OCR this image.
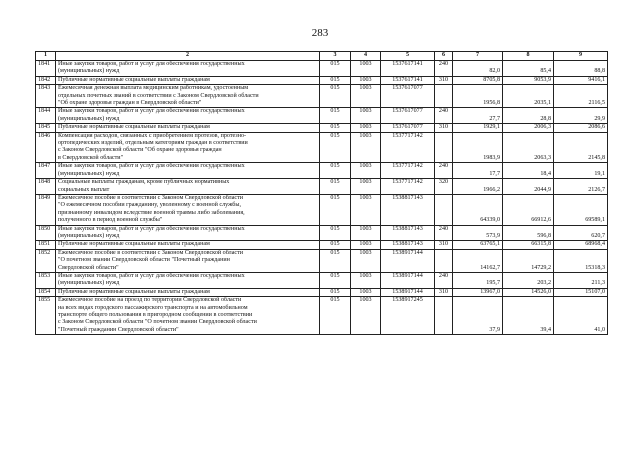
283
1	2	3	4	5	6	7	8	9
1841	Иные закупки товаров, работ и услуг для обеспечения государственных
(муниципальных) нужд	015	1003	1537617141	240	82,0	85,4	88,8
1842	Публичные нормативные социальные выплаты гражданам	015	1003	1537617141	310	8705,8	9053,9	9416,1
1843	Ежемесячная денежная выплата медицинским работникам, удостоенным
отдельных почетных званий в соответствии с Законом Свердловской области
"Об охране здоровья граждан в Свердловской области"	015	1003	1537617077		1956,8	2035,1	2116,5
1844	Иные закупки товаров, работ и услуг для обеспечения государственных
(муниципальных) нужд	015	1003	1537617077	240	27,7	28,8	29,9
1845	Публичные нормативные социальные выплаты гражданам	015	1003	1537617077	310	1929,1	2006,3	2086,6
1846	Компенсация расходов, связанных с приобретением протезов, протезно-
ортопедических изделий, отдельным категориям граждан в соответствии
с Законом Свердловской области "Об охране здоровья граждан
в Свердловской области"	015	1003	1537717142		1983,9	2063,3	2145,8
1847	Иные закупки товаров, работ и услуг для обеспечения государственных
(муниципальных) нужд	015	1003	1537717142	240	17,7	18,4	19,1
1848	Социальные выплаты гражданам, кроме публичных нормативных
социальных выплат	015	1003	1537717142	320	1966,2	2044,9	2126,7
1849	Ежемесячное пособие в соответствии с Законом Свердловской области
"О ежемесячном пособии гражданину, уволенному с военной службы,
признанному инвалидом вследствие военной травмы либо заболевания,
полученного в период военной службы"	015	1003	1538817143		64339,0	66912,6	69589,1
1850	Иные закупки товаров, работ и услуг для обеспечения государственных
(муниципальных) нужд	015	1003	1538817143	240	573,9	596,8	620,7
1851	Публичные нормативные социальные выплаты гражданам	015	1003	1538817143	310	63765,1	66315,8	68968,4
1852	Ежемесячное пособие в соответствии с Законом Свердловской области
"О почетном звании Свердловской области "Почетный гражданин
Свердловской области"	015	1003	1538917144		14162,7	14729,2	15318,3
1853	Иные закупки товаров, работ и услуг для обеспечения государственных
(муниципальных) нужд	015	1003	1538917144	240	195,7	203,2	211,3
1854	Публичные нормативные социальные выплаты гражданам	015	1003	1538917144	310	13967,0	14526,0	15107,0
1855	Ежемесячное пособие на проезд по территории Свердловской области
на всех видах городского пассажирского транспорта и на автомобильном
транспорте общего пользования в пригородном сообщении в соответствии
с Законом Свердловской области "О почетном звании Свердловской области
"Почетный гражданин Свердловской области"	015	1003	1538917245		37,9	39,4	41,0
